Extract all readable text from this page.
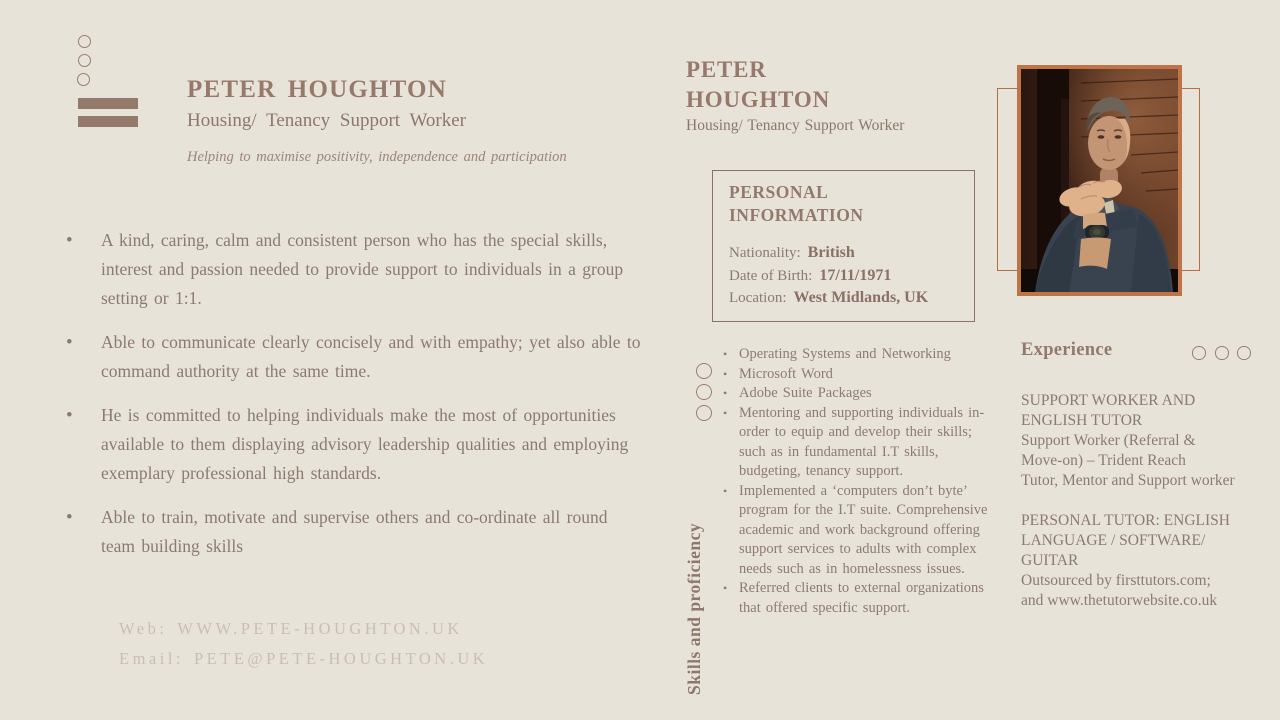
PETER HOUGHTON
Housing/ Tenancy Support Worker
Helping to maximise positivity, independence and participation
• A kind, caring, calm and consistent person who has the special skills, interest and passion needed to provide support to individuals in a group setting or 1:1.
• Able to communicate clearly concisely and with empathy; yet also able to command authority at the same time.
• He is committed to helping individuals make the most of opportunities available to them displaying advisory leadership qualities and employing exemplary professional high standards.
• Able to train, motivate and supervise others and co-ordinate all round team building skills
Web: WWW.PETE-HOUGHTON.UK
Email: PETE@PETE-HOUGHTON.UK
PETER
HOUGHTON
Housing/ Tenancy Support Worker
PERSONAL INFORMATION
Nationality: British
Date of Birth: 17/11/1971
Location: West Midlands, UK
• Operating Systems and Networking
• Microsoft Word
• Adobe Suite Packages
• Mentoring and supporting individuals in-order to equip and develop their skills; such as in fundamental I.T skills, budgeting, tenancy support.
• Implemented a ‘computers don’t byte’ program for the I.T suite. Comprehensive academic and work background offering support services to adults with complex needs such as in homelessness issues.
• Referred clients to external organizations that offered specific support.
Skills and proficiency
Experience
SUPPORT WORKER AND ENGLISH TUTOR
Support Worker (Referral & Move-on) – Trident Reach
Tutor, Mentor and Support worker
PERSONAL TUTOR: ENGLISH LANGUAGE / SOFTWARE/ GUITAR
Outsourced by firsttutors.com; and www.thetutorwebsite.co.uk
